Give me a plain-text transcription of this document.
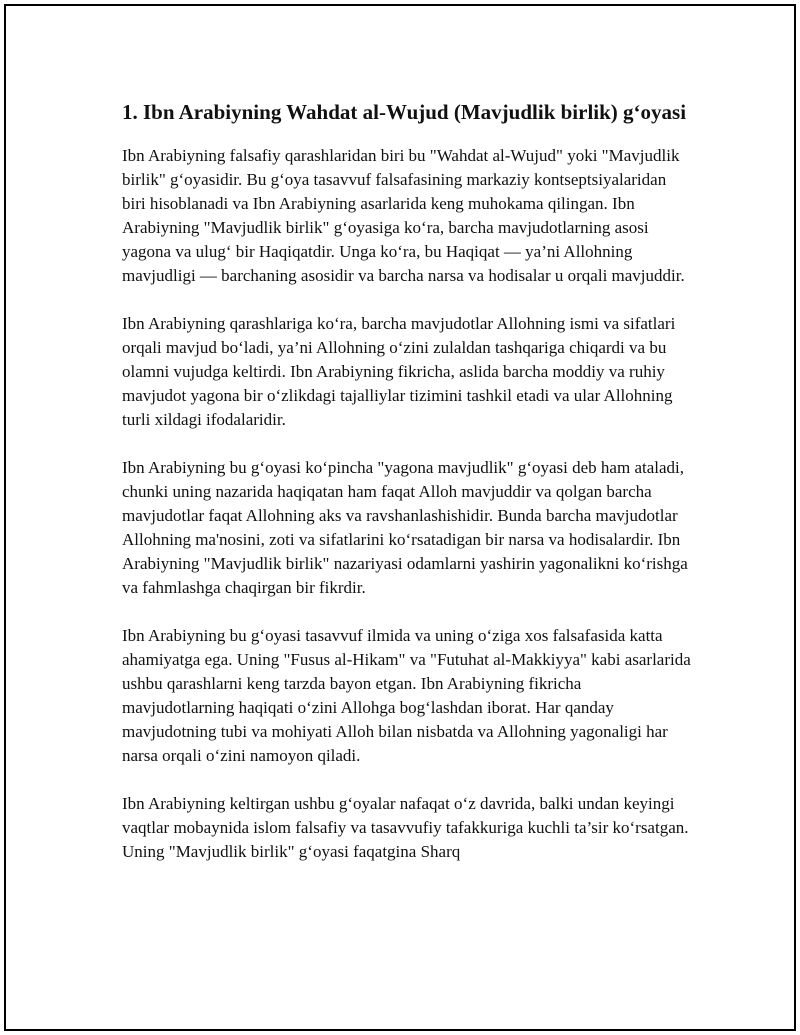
1. Ibn Arabiyning Wahdat al-Wujud (Mavjudlik birlik) g‘oyasi

Ibn Arabiyning falsafiy qarashlaridan biri bu "Wahdat al-Wujud" yoki "Mavjudlik birlik" g‘oyasidir. Bu g‘oya tasavvuf falsafasining markaziy kontseptsiyalaridan biri hisoblanadi va Ibn Arabiyning asarlarida keng muhokama qilingan. Ibn Arabiyning "Mavjudlik birlik" g‘oyasiga ko‘ra, barcha mavjudotlarning asosi yagona va ulug‘ bir Haqiqatdir. Unga ko‘ra, bu Haqiqat — ya’ni Allohning mavjudligi — barchaning asosidir va barcha narsa va hodisalar u orqali mavjuddir.

Ibn Arabiyning qarashlariga ko‘ra, barcha mavjudotlar Allohning ismi va sifatlari orqali mavjud bo‘ladi, ya’ni Allohning o‘zini zulaldan tashqariga chiqardi va bu olamni vujudga keltirdi. Ibn Arabiyning fikricha, aslida barcha moddiy va ruhiy mavjudot yagona bir o‘zlikdagi tajalliylar tizimini tashkil etadi va ular Allohning turli xildagi ifodalaridir.

Ibn Arabiyning bu g‘oyasi ko‘pincha "yagona mavjudlik" g‘oyasi deb ham ataladi, chunki uning nazarida haqiqatan ham faqat Alloh mavjuddir va qolgan barcha mavjudotlar faqat Allohning aks va ravshanlashishidir. Bunda barcha mavjudotlar Allohning ma'nosini, zoti va sifatlarini ko‘rsatadigan bir narsa va hodisalardir. Ibn Arabiyning "Mavjudlik birlik" nazariyasi odamlarni yashirin yagonalikni ko‘rishga va fahmlashga chaqirgan bir fikrdir.

Ibn Arabiyning bu g‘oyasi tasavvuf ilmida va uning o‘ziga xos falsafasida katta ahamiyatga ega. Uning "Fusus al-Hikam" va "Futuhat al-Makkiyya" kabi asarlarida ushbu qarashlarni keng tarzda bayon etgan. Ibn Arabiyning fikricha mavjudotlarning haqiqati o‘zini Allohga bog‘lashdan iborat. Har qanday mavjudotning tubi va mohiyati Alloh bilan nisbatda va Allohning yagonaligi har narsa orqali o‘zini namoyon qiladi.

Ibn Arabiyning keltirgan ushbu g‘oyalar nafaqat o‘z davrida, balki undan keyingi vaqtlar mobaynida islom falsafiy va tasavvufiy tafakkuriga kuchli ta’sir ko‘rsatgan. Uning "Mavjudlik birlik" g‘oyasi faqatgina Sharq
